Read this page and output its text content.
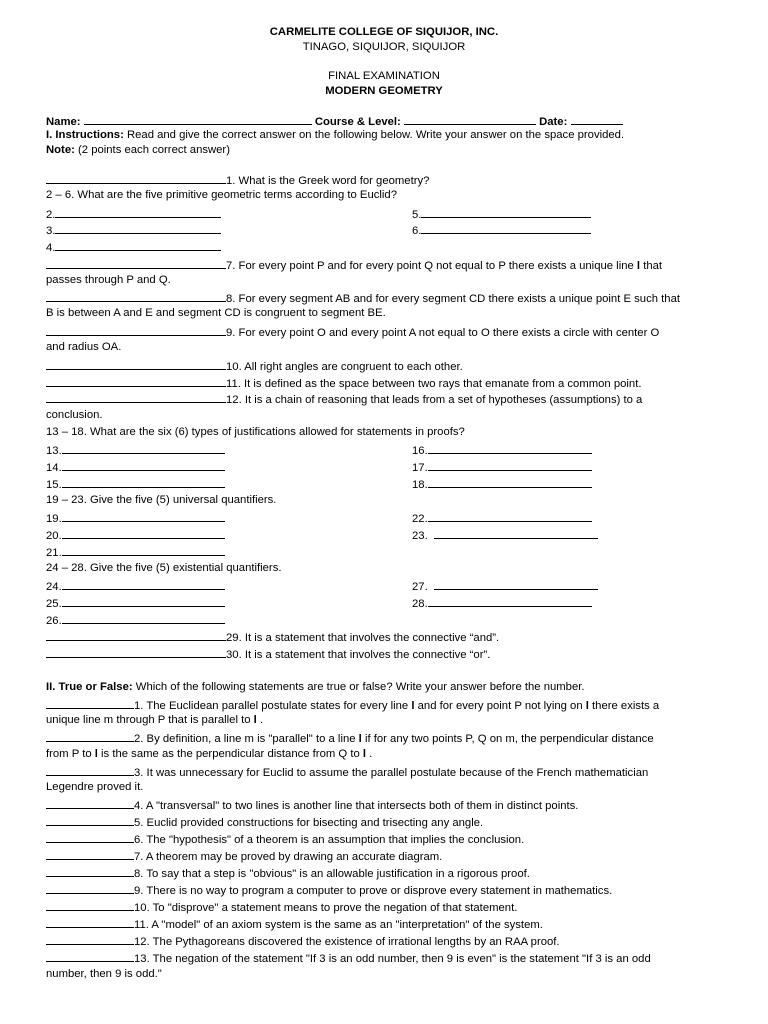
CARMELITE COLLEGE OF SIQUIJOR, INC.
TINAGO, SIQUIJOR, SIQUIJOR
FINAL EXAMINATION
MODERN GEOMETRY
Name:	Course & Level:	Date:
I. Instructions: Read and give the correct answer on the following below. Write your answer on the space provided.
Note: (2 points each correct answer)
1. What is the Greek word for geometry?
2 – 6. What are the five primitive geometric terms according to Euclid?
2.
3.
4.
5.
6.
7. For every point P and for every point Q not equal to P there exists a unique line l that
passes through P and Q.
8. For every segment AB and for every segment CD there exists a unique point E such that
B is between A and E and segment CD is congruent to segment BE.
9. For every point O and every point A not equal to O there exists a circle with center O
and radius OA.
10. All right angles are congruent to each other.
11. It is defined as the space between two rays that emanate from a common point.
12. It is a chain of reasoning that leads from a set of hypotheses (assumptions) to a
conclusion.
13 – 18. What are the six (6) types of justifications allowed for statements in proofs?
13.
14.
15.
16.
17.
18.
19 – 23. Give the five (5) universal quantifiers.
19.
20.
21.
22.
23.
24 – 28. Give the five (5) existential quantifiers.
24.
25.
26.
27.
28.
29. It is a statement that involves the connective “and”.
30. It is a statement that involves the connective “or”.
II. True or False: Which of the following statements are true or false? Write your answer before the number.
1. The Euclidean parallel postulate states for every line l and for every point P not lying on l there exists a
unique line m through P that is parallel to l .
2. By definition, a line m is "parallel" to a line l if for any two points P, Q on m, the perpendicular distance
from P to l is the same as the perpendicular distance from Q to l .
3. It was unnecessary for Euclid to assume the parallel postulate because of the French mathematician
Legendre proved it.
4. A "transversal" to two lines is another line that intersects both of them in distinct points.
5. Euclid provided constructions for bisecting and trisecting any angle.
6. The "hypothesis" of a theorem is an assumption that implies the conclusion.
7. A theorem may be proved by drawing an accurate diagram.
8. To say that a step is "obvious" is an allowable justification in a rigorous proof.
9. There is no way to program a computer to prove or disprove every statement in mathematics.
10. To "disprove" a statement means to prove the negation of that statement.
11. A "model" of an axiom system is the same as an "interpretation" of the system.
12. The Pythagoreans discovered the existence of irrational lengths by an RAA proof.
13. The negation of the statement "If 3 is an odd number, then 9 is even" is the statement "If 3 is an odd
number, then 9 is odd."
